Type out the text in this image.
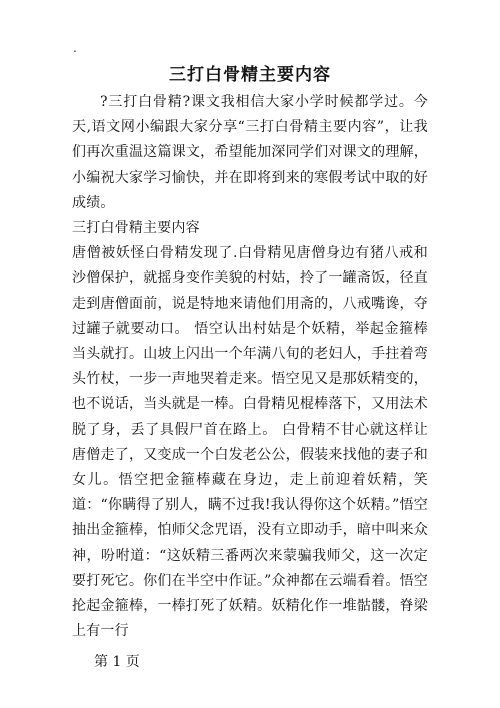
.
三打白骨精主要内容

?三打白骨精?课文我相信大家小学时候都学过。今天,语文网小编跟大家分享“三打白骨精主要内容”，让我们再次重温这篇课文，希望能加深同学们对课文的理解，小编祝大家学习愉快，并在即将到来的寒假考试中取的好成绩。

三打白骨精主要内容

唐僧被妖怪白骨精发现了.白骨精见唐僧身边有猪八戒和沙僧保护，就摇身变作美貌的村姑，拎了一罐斋饭，径直走到唐僧面前，说是特地来请他们用斋的，八戒嘴谗，夺过罐子就要动口。 悟空认出村姑是个妖精，举起金箍棒当头就打。山坡上闪出一个年满八旬的老妇人，手拄着弯头竹杖，一步一声地哭着走来。悟空见又是那妖精变的，也不说话，当头就是一棒。白骨精见棍棒落下，又用法术脱了身，丢了具假尸首在路上。 白骨精不甘心就这样让唐僧走了，又变成一个白发老公公，假装来找他的妻子和女儿。悟空把金箍棒藏在身边，走上前迎着妖精，笑道：“你瞒得了别人，瞒不过我!我认得你这个妖精。”悟空抽出金箍棒，怕师父念咒语，没有立即动手，暗中叫来众神，吩咐道：“这妖精三番两次来蒙骗我师父，这一次定要打死它。你们在半空中作证。”众神都在云端看着。悟空抡起金箍棒，一棒打死了妖精。妖精化作一堆骷髅，脊梁上有一行

第 1 页
